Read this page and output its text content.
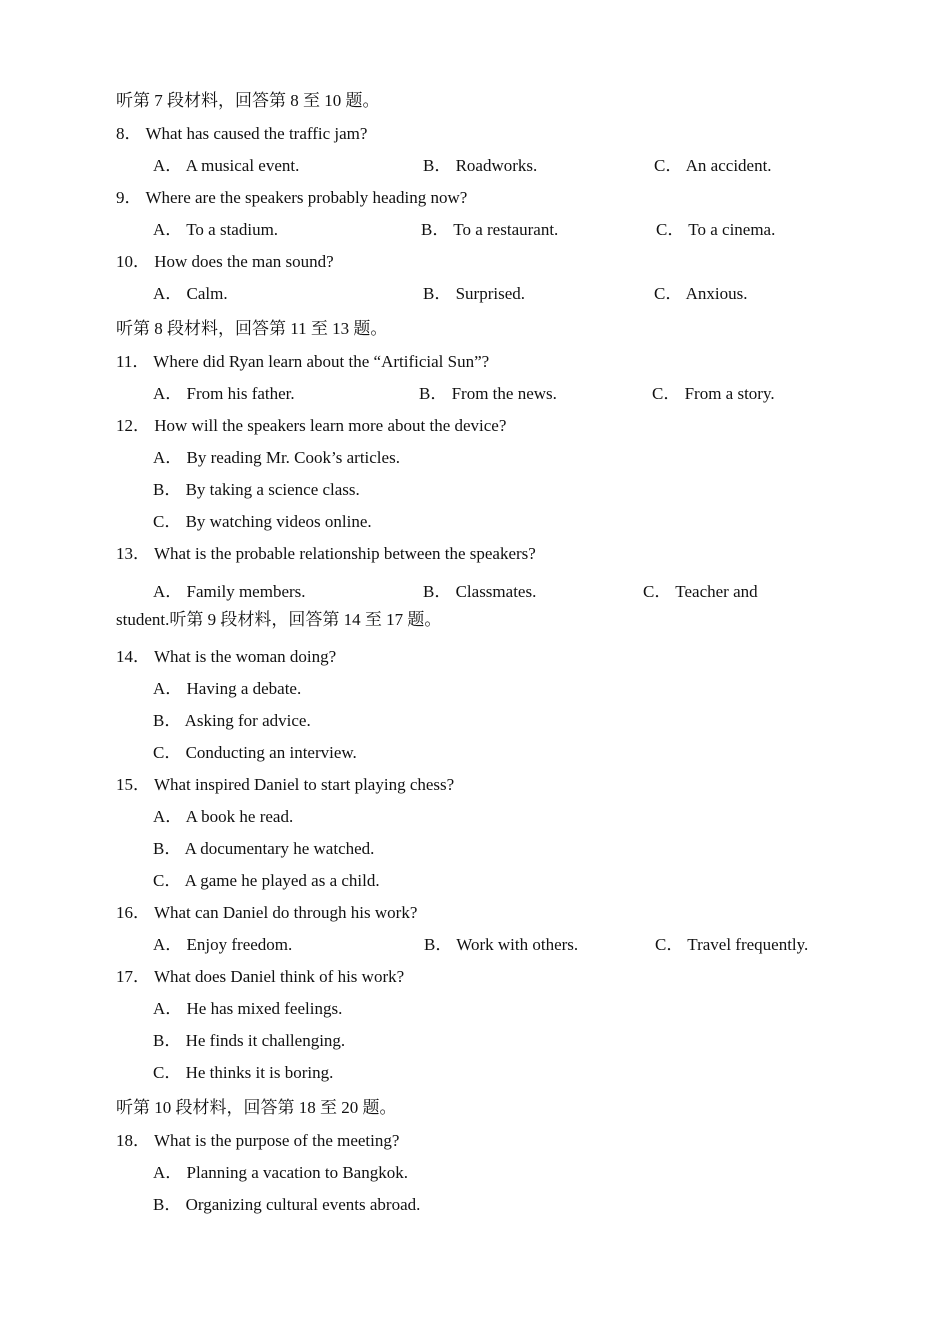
听第 7 段材料，回答第 8 至 10 题。
8． What has caused the traffic jam?
A． A musical event.	B． Roadworks.	C． An accident.
9． Where are the speakers probably heading now?
A． To a stadium.	B． To a restaurant.	C． To a cinema.
10． How does the man sound?
A． Calm.	B． Surprised.	C． Anxious.
听第 8 段材料，回答第 11 至 13 题。
11． Where did Ryan learn about the “Artificial Sun”?
A． From his father.	B． From the news.	C． From a story.
12． How will the speakers learn more about the device?
A． By reading Mr. Cook’s articles.
B． By taking a science class.
C． By watching videos online.
13． What is the probable relationship between the speakers?
A． Family members.	B． Classmates.	C． Teacher and
student.听第 9 段材料，回答第 14 至 17 题。
14． What is the woman doing?
A． Having a debate.
B． Asking for advice.
C． Conducting an interview.
15． What inspired Daniel to start playing chess?
A． A book he read.
B． A documentary he watched.
C． A game he played as a child.
16． What can Daniel do through his work?
A． Enjoy freedom.	B． Work with others.	C． Travel frequently.
17． What does Daniel think of his work?
A． He has mixed feelings.
B． He finds it challenging.
C． He thinks it is boring.
听第 10 段材料，回答第 18 至 20 题。
18． What is the purpose of the meeting?
A． Planning a vacation to Bangkok.
B． Organizing cultural events abroad.
